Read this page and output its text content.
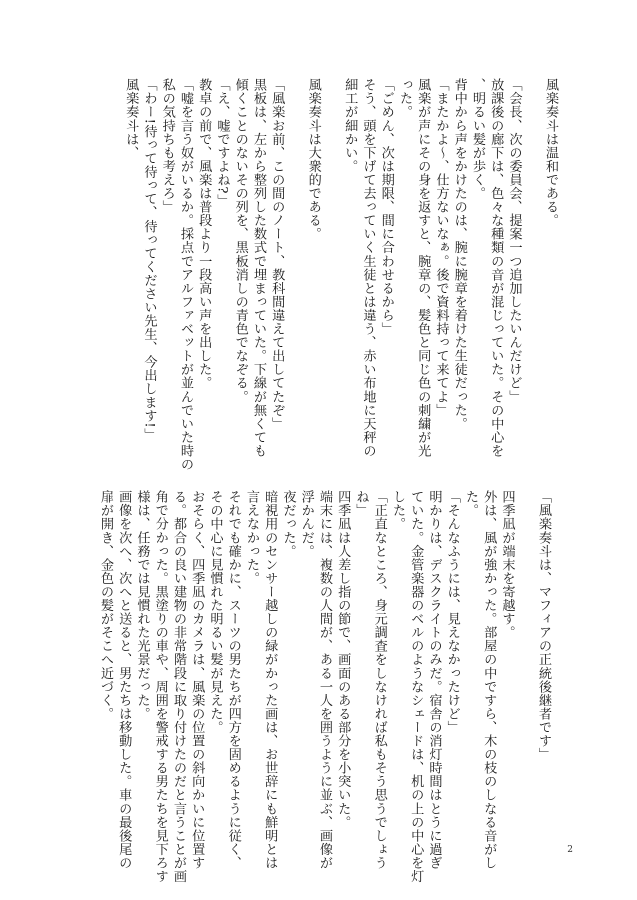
風楽奏斗は温和である。

「会長、次の委員会、提案一つ追加したいんだけど」
放課後の廊下は、色々な種類の音が混じっていた。その中心を
、明るい髪が歩く。
背中から声をかけたのは、腕に腕章を着けた生徒だった。
「またかよ〜、仕方ないなぁ。後で資料持って来てよ」
風楽が声にその身を返すと、腕章の、髪色と同じ色の刺繍が光
った。
「ごめん、次は期限、間に合わせるから」
そう、頭を下げて去っていく生徒とは違う、赤い布地に天秤の
細工が細かい。

風楽奏斗は大衆的である。

「風楽お前、この間のノート、教科間違えて出してたぞ」
黒板は、左から整列した数式で埋まっていた。下線が無くても
傾くことのないその列を、黒板消しの青色でなぞる。
「え、嘘ですよね?」
教卓の前で、風楽は普段より一段高い声を出した。
「嘘を言う奴がいるか。採点でアルファベットが並んでいた時の
私の気持ちも考えろ」
「わー!待って待って、待ってください先生、今出します!」
風楽奏斗は、
「風楽奏斗は、マフィアの正統後継者です」

四季凪が端末を寄越す。
外は、風が強かった。部屋の中ですら、木の枝のしなる音がし
た。
「そんなふうには、見えなかったけど」
明かりは、デスクライトのみだ。宿舎の消灯時間はとうに過ぎ
ていた。金管楽器のベルのようなシェードは、机の上の中心を灯
した。
「正直なところ、身元調査をしなければ私もそう思うでしょう
ね」
四季凪は人差し指の節で、画面のある部分を小突いた。
端末には、複数の人間が、ある一人を囲うように並ぶ、画像が
浮かんだ。
夜だった。
暗視用のセンサー越しの緑がかった画は、お世辞にも鮮明とは
言えなかった。
それでも確かに、スーツの男たちが四方を固めるように従く、
その中心に見慣れた明るい髪が見えた。
おそらく、四季凪のカメラは、風楽の位置の斜向かいに位置す
る。都合の良い建物の非常階段に取り付けたのだと言うことが画
角で分かった。黒塗りの車や、周囲を警戒する男たちを見下ろす
様は、任務では見慣れた光景だった。
画像を次へ、次へと送ると、男たちは移動した。車の最後尾の
扉が開き、金色の髪がそこへ近づく。
2
